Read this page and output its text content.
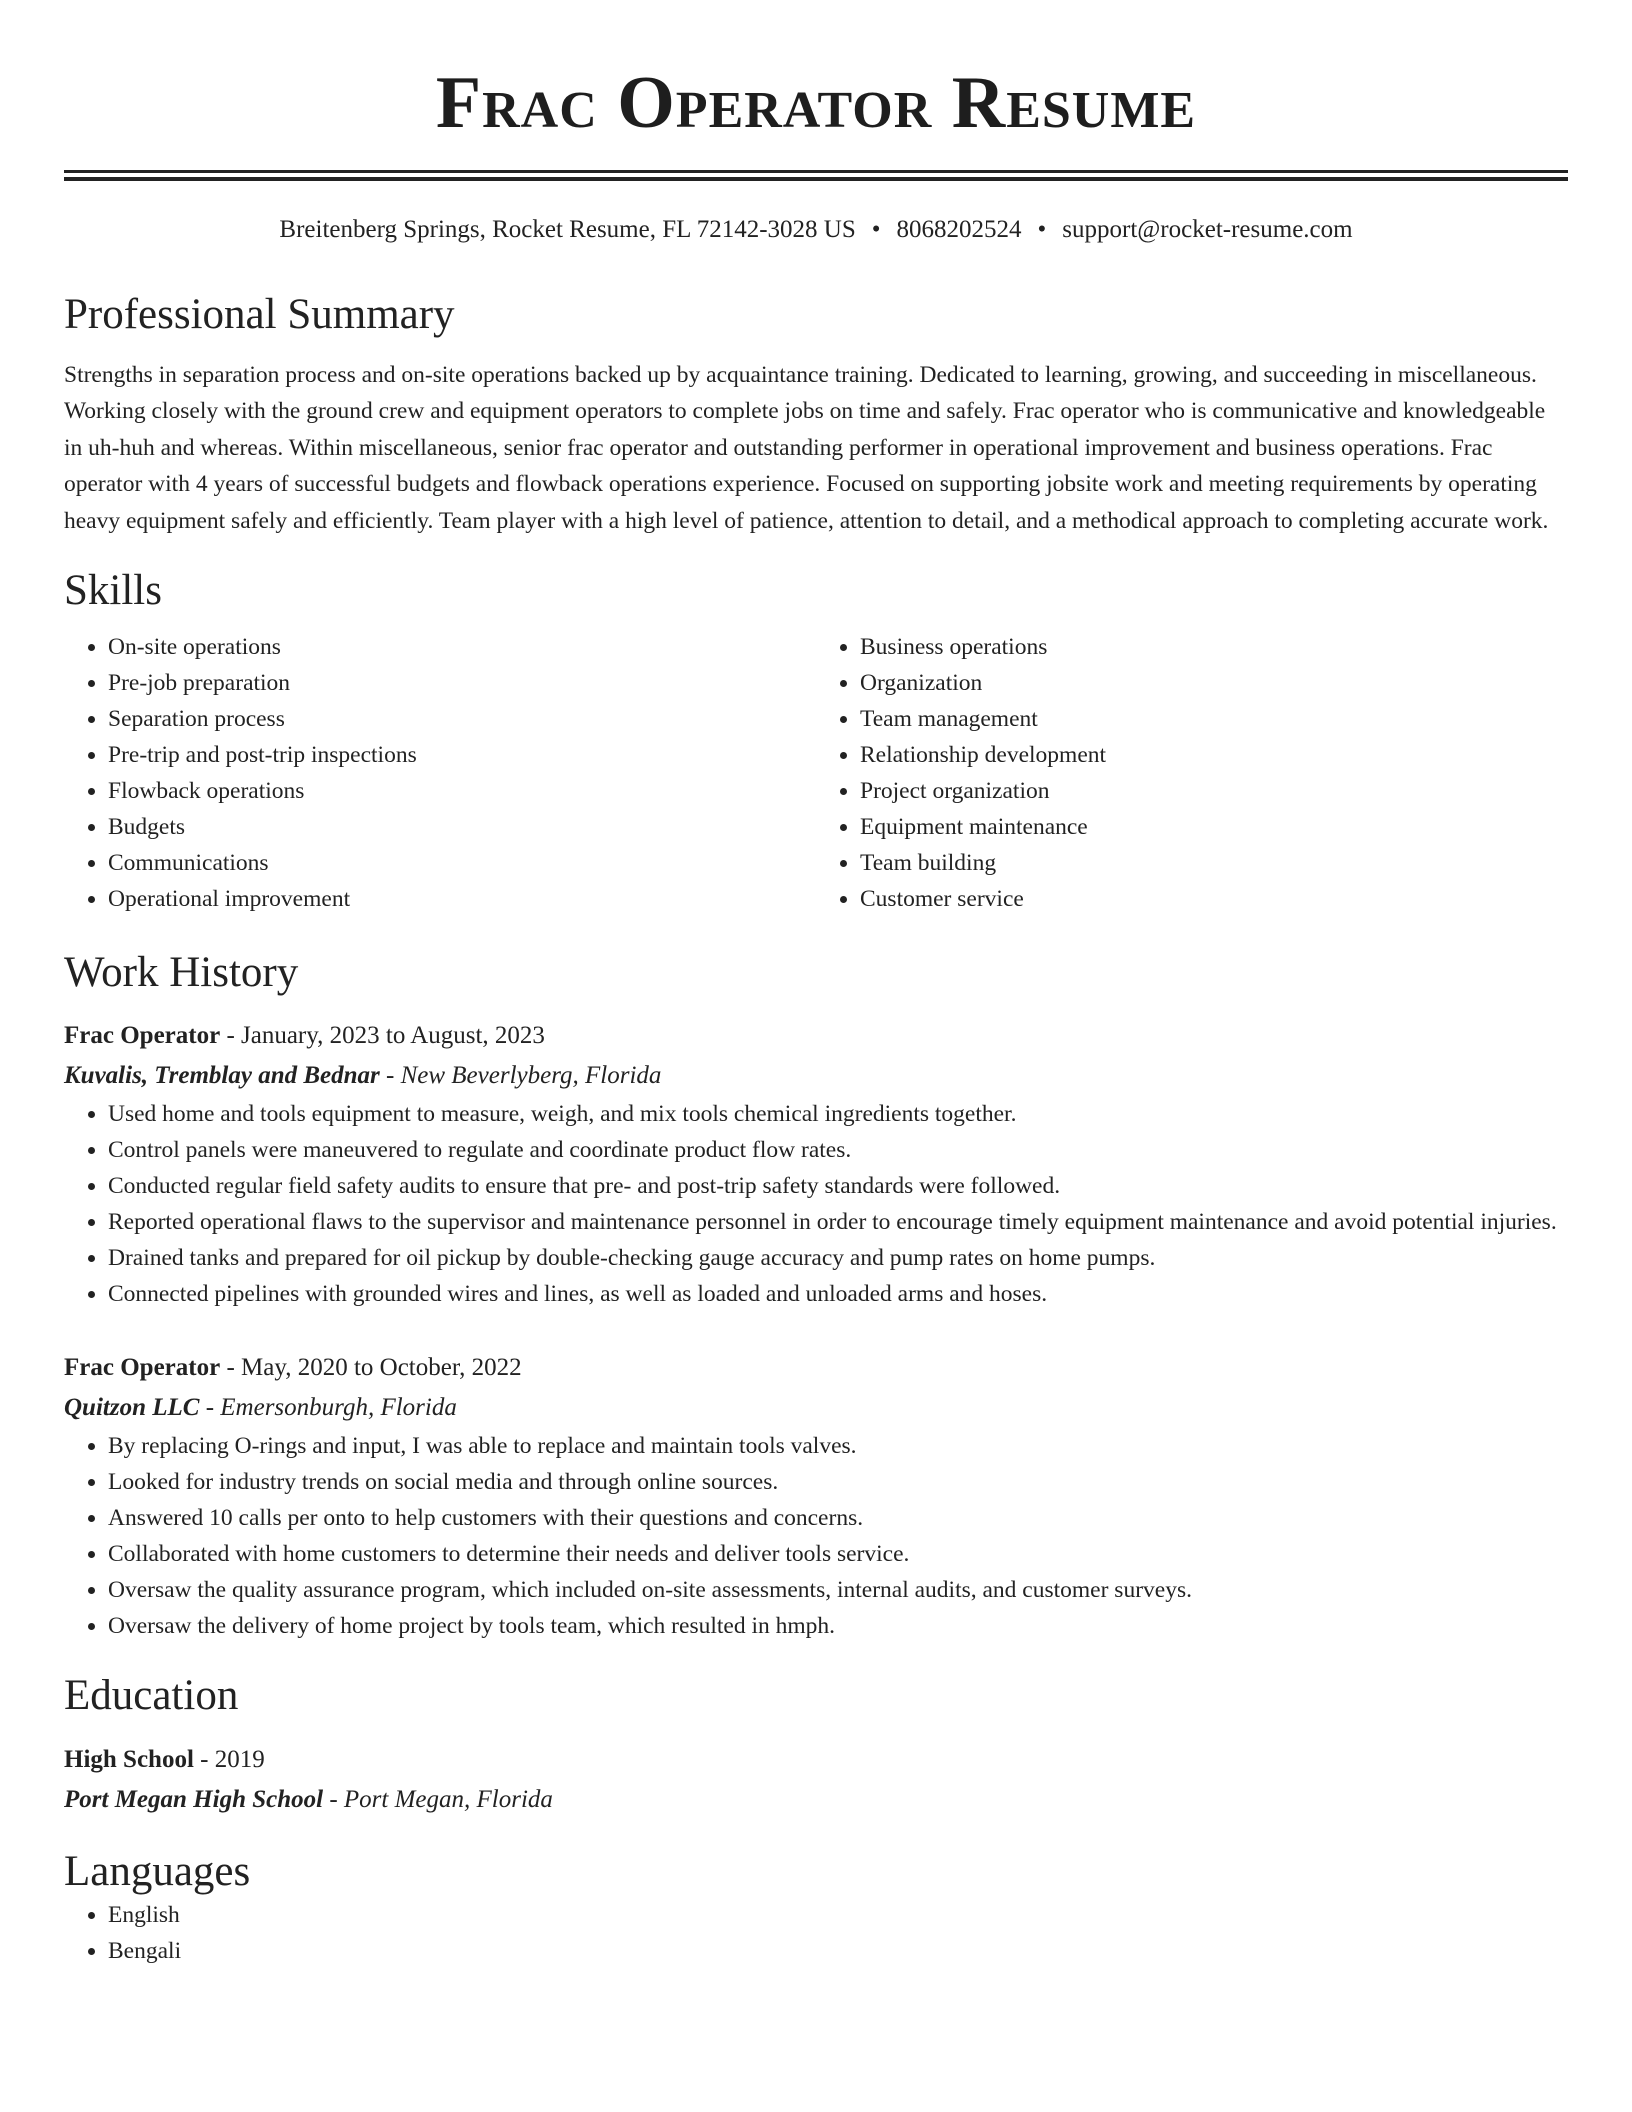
Frac Operator Resume
Breitenberg Springs, Rocket Resume, FL 72142-3028 US • 8068202524 • support@rocket-resume.com
Professional Summary

Strengths in separation process and on-site operations backed up by acquaintance training. Dedicated to learning, growing, and succeeding in miscellaneous. Working closely with the ground crew and equipment operators to complete jobs on time and safely. Frac operator who is communicative and knowledgeable in uh-huh and whereas. Within miscellaneous, senior frac operator and outstanding performer in operational improvement and business operations. Frac operator with 4 years of successful budgets and flowback operations experience. Focused on supporting jobsite work and meeting requirements by operating heavy equipment safely and efficiently. Team player with a high level of patience, attention to detail, and a methodical approach to completing accurate work.

Skills
• On-site operations
• Pre-job preparation
• Separation process
• Pre-trip and post-trip inspections
• Flowback operations
• Budgets
• Communications
• Operational improvement
• Business operations
• Organization
• Team management
• Relationship development
• Project organization
• Equipment maintenance
• Team building
• Customer service
Work History
Frac Operator - January, 2023 to August, 2023
Kuvalis, Tremblay and Bednar - New Beverlyberg, Florida
• Used home and tools equipment to measure, weigh, and mix tools chemical ingredients together.
• Control panels were maneuvered to regulate and coordinate product flow rates.
• Conducted regular field safety audits to ensure that pre- and post-trip safety standards were followed.
• Reported operational flaws to the supervisor and maintenance personnel in order to encourage timely equipment maintenance and avoid potential injuries.
• Drained tanks and prepared for oil pickup by double-checking gauge accuracy and pump rates on home pumps.
• Connected pipelines with grounded wires and lines, as well as loaded and unloaded arms and hoses.
Frac Operator - May, 2020 to October, 2022
Quitzon LLC - Emersonburgh, Florida
• By replacing O-rings and input, I was able to replace and maintain tools valves.
• Looked for industry trends on social media and through online sources.
• Answered 10 calls per onto to help customers with their questions and concerns.
• Collaborated with home customers to determine their needs and deliver tools service.
• Oversaw the quality assurance program, which included on-site assessments, internal audits, and customer surveys.
• Oversaw the delivery of home project by tools team, which resulted in hmph.
Education
High School - 2019
Port Megan High School - Port Megan, Florida
Languages
• English
• Bengali
